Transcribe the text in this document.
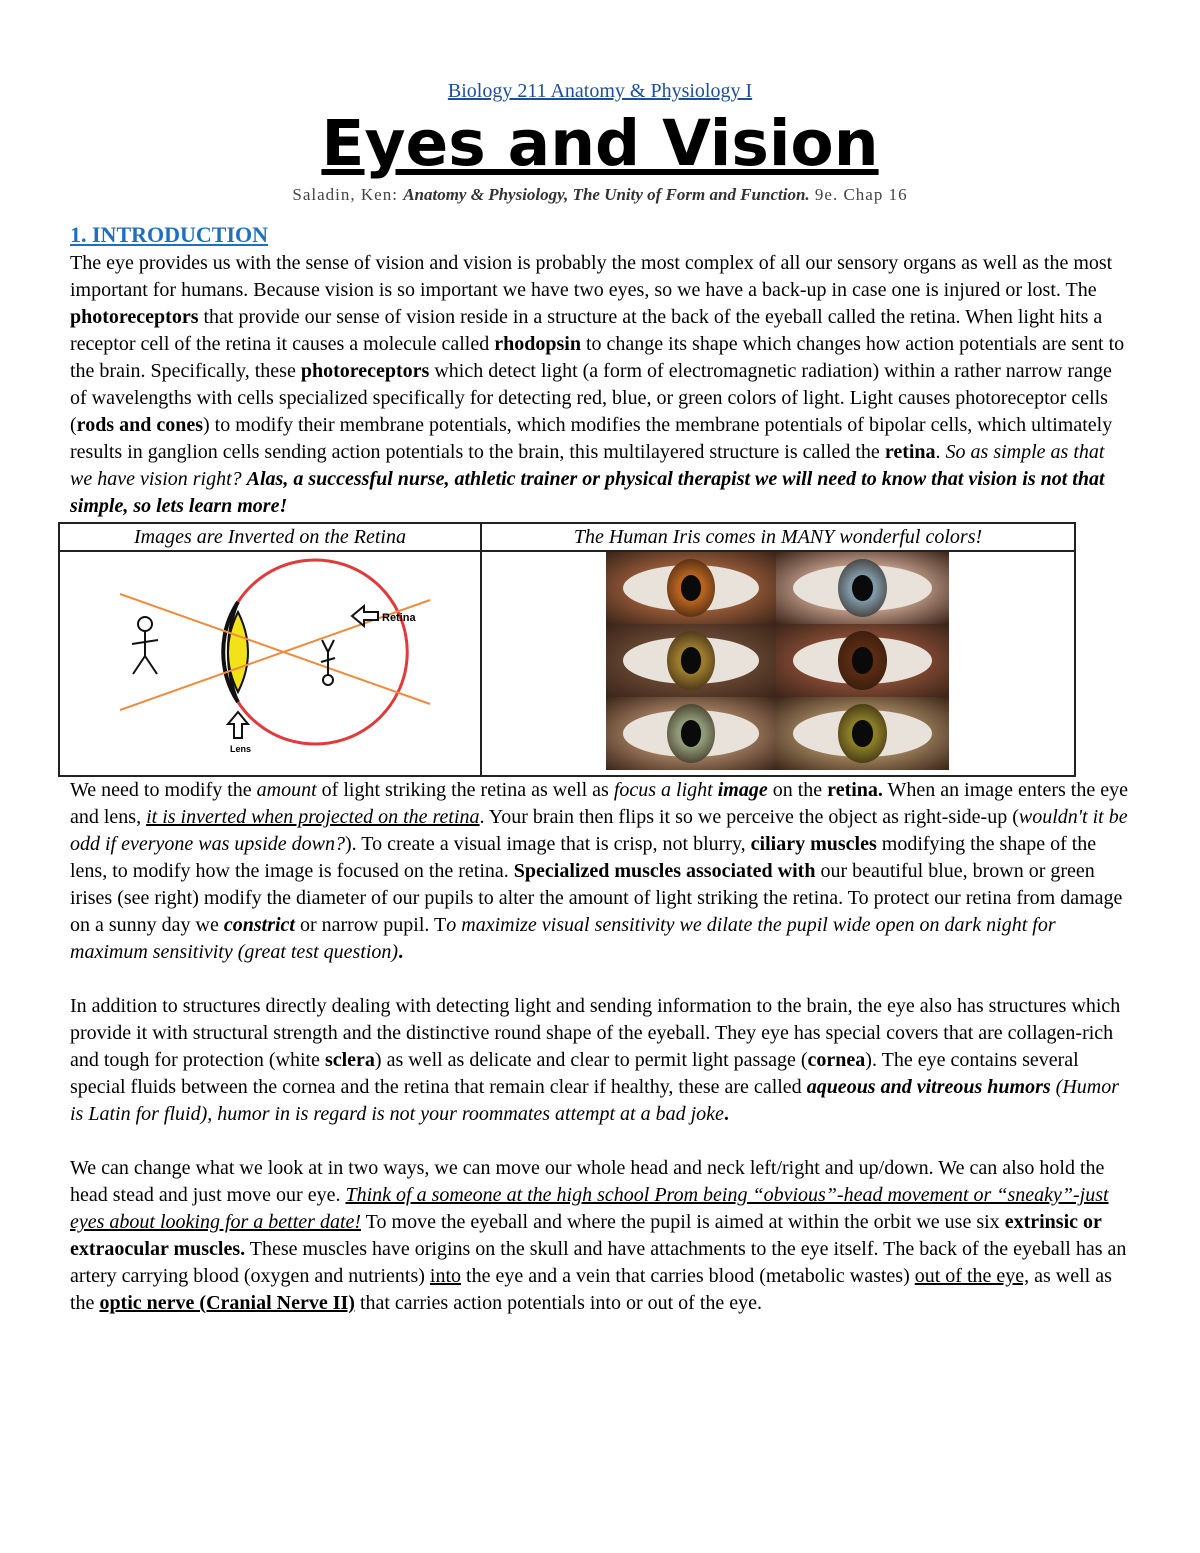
Biology 211 Anatomy & Physiology I
Eyes and Vision
Saladin, Ken: Anatomy & Physiology, The Unity of Form and Function. 9e. Chap 16
1. INTRODUCTION

The eye provides us with the sense of vision and vision is probably the most complex of all our sensory organs as well as the most important for humans. Because vision is so important we have two eyes, so we have a back-up in case one is injured or lost. The photoreceptors that provide our sense of vision reside in a structure at the back of the eyeball called the retina. When light hits a receptor cell of the retina it causes a molecule called rhodopsin to change its shape which changes how action potentials are sent to the brain. Specifically, these photoreceptors which detect light (a form of electromagnetic radiation) within a rather narrow range of wavelengths with cells specialized specifically for detecting red, blue, or green colors of light. Light causes photoreceptor cells (rods and cones) to modify their membrane potentials, which modifies the membrane potentials of bipolar cells, which ultimately results in ganglion cells sending action potentials to the brain, this multilayered structure is called the retina. So as simple as that we have vision right? Alas, a successful nurse, athletic trainer or physical therapist we will need to know that vision is not that simple, so lets learn more!

Images are Inverted on the Retina	The Human Iris comes in MANY wonderful colors!

Retina
Lens	

We need to modify the amount of light striking the retina as well as focus a light image on the retina. When an image enters the eye and lens, it is inverted when projected on the retina. Your brain then flips it so we perceive the object as right-side-up (wouldn't it be odd if everyone was upside down?). To create a visual image that is crisp, not blurry, ciliary muscles modifying the shape of the lens, to modify how the image is focused on the retina. Specialized muscles associated with our beautiful blue, brown or green irises (see right) modify the diameter of our pupils to alter the amount of light striking the retina. To protect our retina from damage on a sunny day we constrict or narrow pupil. To maximize visual sensitivity we dilate the pupil wide open on dark night for maximum sensitivity (great test question).

In addition to structures directly dealing with detecting light and sending information to the brain, the eye also has structures which provide it with structural strength and the distinctive round shape of the eyeball. They eye has special covers that are collagen-rich and tough for protection (white sclera) as well as delicate and clear to permit light passage (cornea). The eye contains several special fluids between the cornea and the retina that remain clear if healthy, these are called aqueous and vitreous humors (Humor is Latin for fluid), humor in is regard is not your roommates attempt at a bad joke.

We can change what we look at in two ways, we can move our whole head and neck left/right and up/down. We can also hold the head stead and just move our eye. Think of a someone at the high school Prom being “obvious”-head movement or “sneaky”-just eyes about looking for a better date! To move the eyeball and where the pupil is aimed at within the orbit we use six extrinsic or extraocular muscles. These muscles have origins on the skull and have attachments to the eye itself. The back of the eyeball has an artery carrying blood (oxygen and nutrients) into the eye and a vein that carries blood (metabolic wastes) out of the eye, as well as the optic nerve (Cranial Nerve II) that carries action potentials into or out of the eye.
